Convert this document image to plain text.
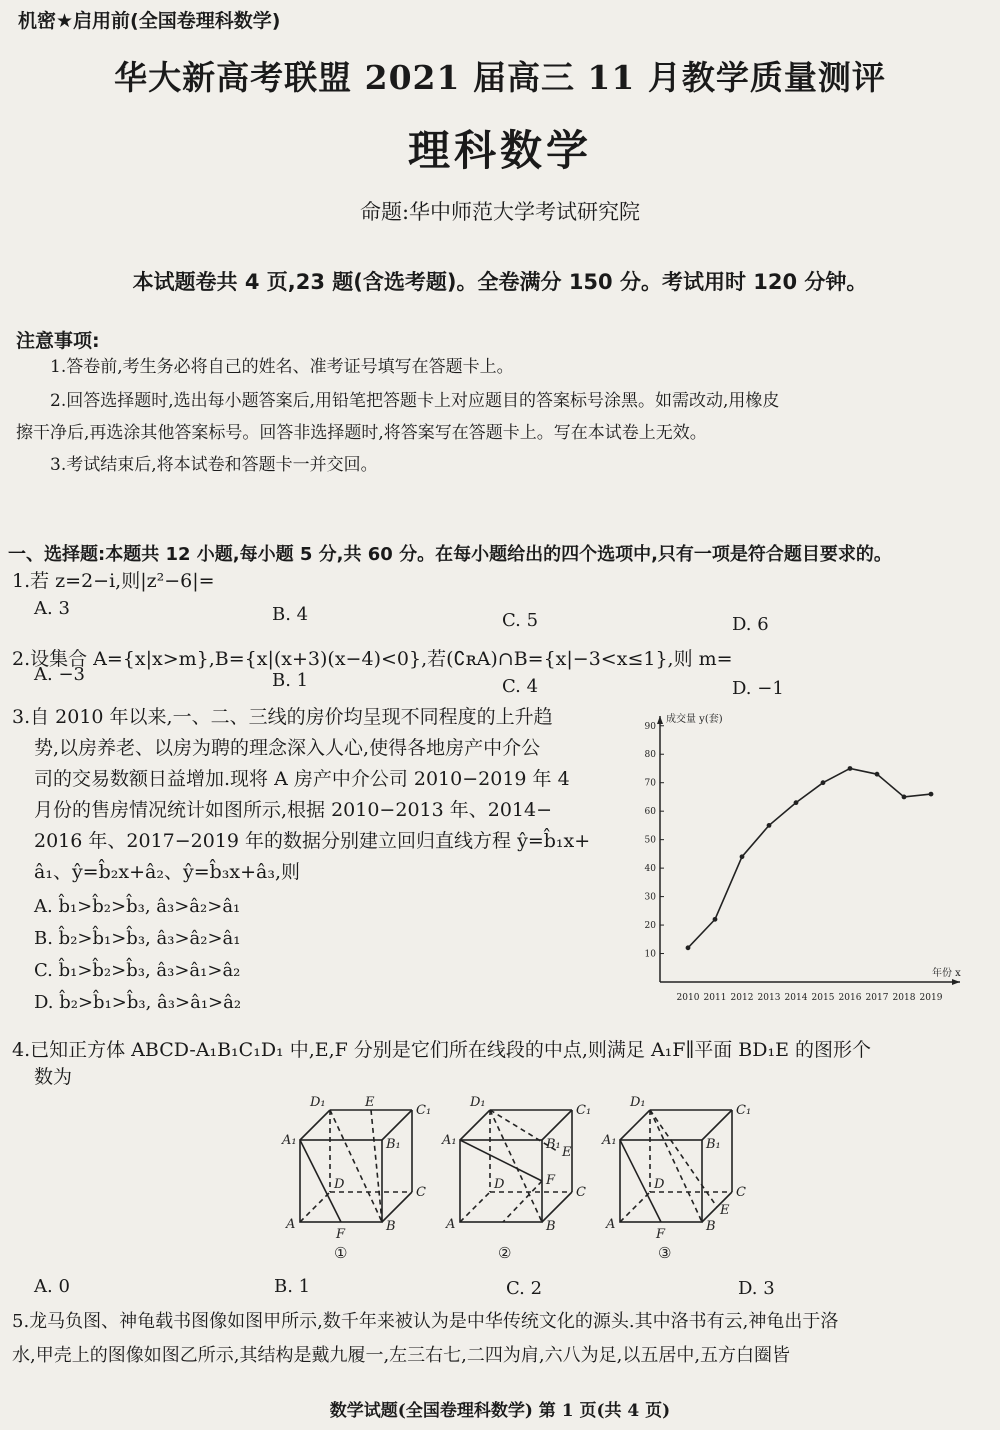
机密★启用前(全国卷理科数学)
华大新高考联盟 2021 届高三 11 月教学质量测评
理科数学
命题:华中师范大学考试研究院
本试题卷共 4 页,23 题(含选考题)。全卷满分 150 分。考试用时 120 分钟。
注意事项:
1.答卷前,考生务必将自己的姓名、准考证号填写在答题卡上。
2.回答选择题时,选出每小题答案后,用铅笔把答题卡上对应题目的答案标号涂黑。如需改动,用橡皮
擦干净后,再选涂其他答案标号。回答非选择题时,将答案写在答题卡上。写在本试卷上无效。
3.考试结束后,将本试卷和答题卡一并交回。
一、选择题:本题共 12 小题,每小题 5 分,共 60 分。在每小题给出的四个选项中,只有一项是符合题目要求的。
1.若 z=2−i,则|z²−6|=
A. 3	B. 4	C. 5	D. 6
2.设集合 A={x|x>m},B={x|(x+3)(x−4)<0},若(∁ʀA)∩B={x|−3<x≤1},则 m=
A. −3	B. 1	C. 4	D. −1
3.自 2010 年以来,一、二、三线的房价均呈现不同程度的上升趋
势,以房养老、以房为聘的理念深入人心,使得各地房产中介公
司的交易数额日益增加.现将 A 房产中介公司 2010−2019 年 4
月份的售房情况统计如图所示,根据 2010−2013 年、2014−
2016 年、2017−2019 年的数据分别建立回归直线方程 ŷ=b̂₁x+
â₁、ŷ=b̂₂x+â₂、ŷ=b̂₃x+â₃,则
A. b̂₁>b̂₂>b̂₃, â₃>â₂>â₁
B. b̂₂>b̂₁>b̂₃, â₃>â₂>â₁
C. b̂₁>b̂₂>b̂₃, â₃>â₁>â₂
D. b̂₂>b̂₁>b̂₃, â₃>â₁>â₂
成交量 y(套)
年份 x
10
20
30
40
50
60
70
80
90
2010 2011 2012 2013 2014 2015 2016 2017 2018 2019
4.已知正方体 ABCD-A₁B₁C₁D₁ 中,E,F 分别是它们所在线段的中点,则满足 A₁F∥平面 BD₁E 的图形个
数为
D₁	E
C₁
A₁	B₁
D
C
A
F
B
D₁
C₁
A₁	B₁
E
F
D
C
A	B
D₁
C₁
A₁	B₁
D
C
E
A
F
B
①	②	③
A. 0	B. 1	C. 2	D. 3
5.龙马负图、神龟载书图像如图甲所示,数千年来被认为是中华传统文化的源头.其中洛书有云,神龟出于洛
水,甲壳上的图像如图乙所示,其结构是戴九履一,左三右七,二四为肩,六八为足,以五居中,五方白圈皆
数学试题(全国卷理科数学) 第 1 页(共 4 页)
